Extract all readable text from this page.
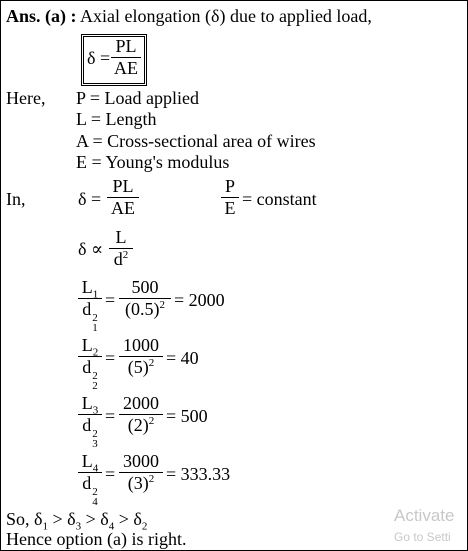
Ans. (a) : Axial elongation (δ) due to applied load,
δ =
PL
AE
Here, P = Load applied
L = Length
A = Cross-sectional area of wires
E = Young's modulus
In,	δ =
PL
AE
P
E = constant
δ ∝
L
$d^2$
$L_1$
d 2
1
=
500
$(0.5)^2 = 2000$
$L_2$
d 2
2
=
1000
$(5)^2 = 40$
$L_3$
d 2
3
=
2000
$(2)^2 = 500$
$L_4$
d 2
4
=
3000
$(3)^2 = 333.33$
So, $\delta_1 > \delta_3 > \delta_4 > \delta_2$
Hence option (a) is right.
Activate
Go to Setti
